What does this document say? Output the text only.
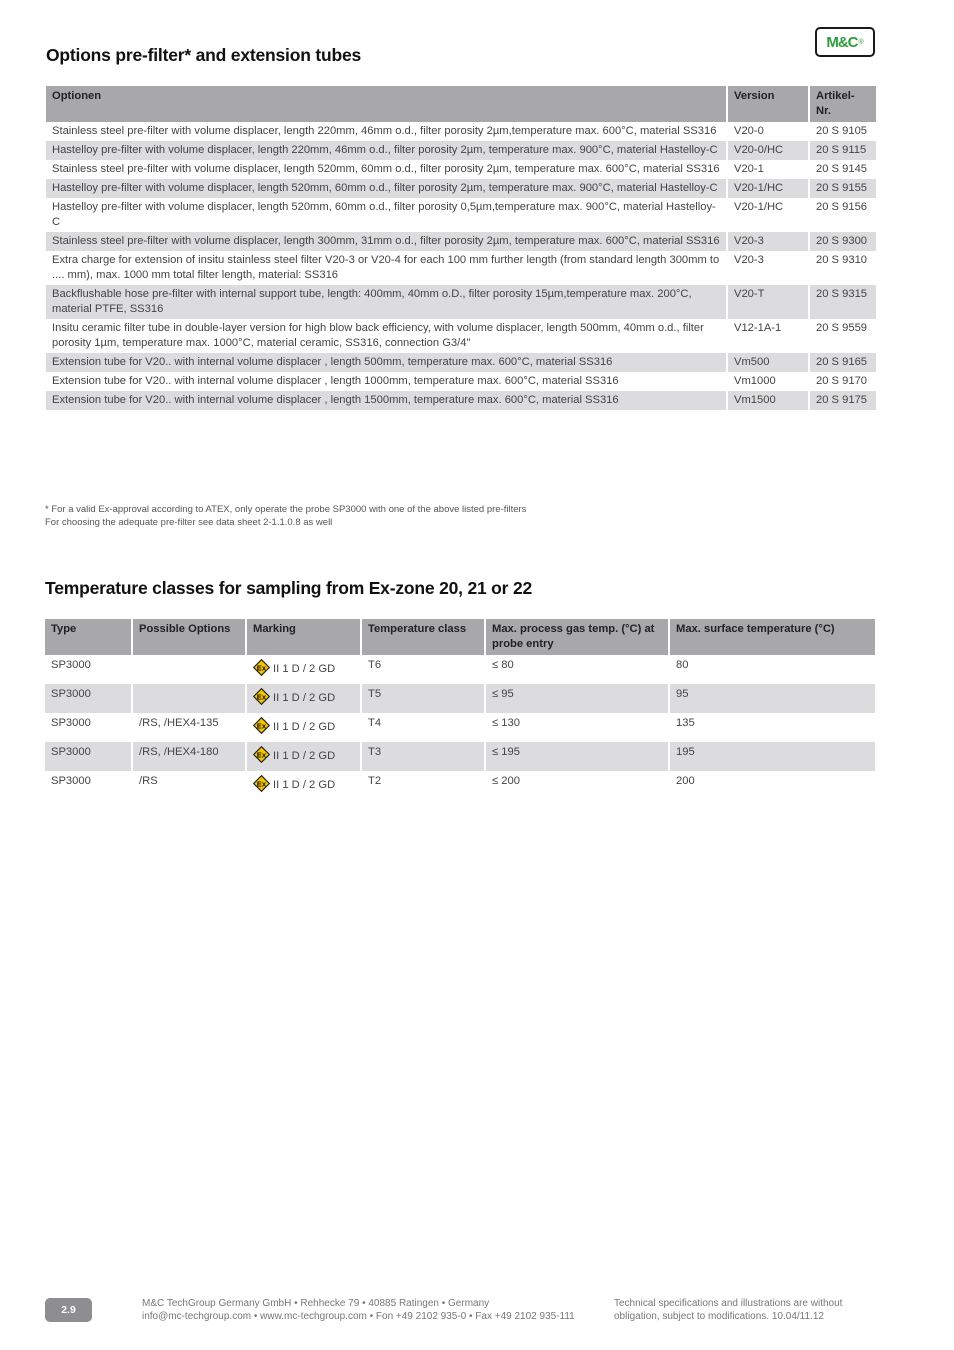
Options pre-filter* and extension tubes
M&C ®
Optionen	Version	Artikel-
Nr.
Stainless steel pre-filter with volume displacer, length 220mm, 46mm o.d., filter porosity 2µm,temperature max. 600°C, material SS316	V20-0	20 S 9105
Hastelloy pre-filter with volume displacer, length 220mm, 46mm o.d., filter porosity 2µm, temperature max. 900°C, material Hastelloy-C	V20-0/HC	20 S 9115
Stainless steel pre-filter with volume displacer, length 520mm, 60mm o.d., filter porosity 2µm, temperature max. 600°C, material SS316	V20-1	20 S 9145
Hastelloy pre-filter with volume displacer, length 520mm, 60mm o.d., filter porosity 2µm, temperature max. 900°C, material Hastelloy-C	V20-1/HC	20 S 9155
Hastelloy pre-filter with volume displacer, length 520mm, 60mm o.d., filter porosity 0,5µm,temperature max. 900°C, material Hastelloy-C	V20-1/HC	20 S 9156
Stainless steel pre-filter with volume displacer, length 300mm, 31mm o.d., filter porosity 2µm, temperature max. 600°C, material SS316	V20-3	20 S 9300
Extra charge for extension of insitu stainless steel filter V20-3 or V20-4 for each 100 mm further length (from standard length 300mm to .... mm), max. 1000 mm total filter length, material: SS316	V20-3	20 S 9310
Backflushable hose pre-filter with internal support tube, length: 400mm, 40mm o.D., filter porosity 15µm,temperature max. 200°C, material PTFE, SS316	V20-T	20 S 9315
Insitu ceramic filter tube in double-layer version for high blow back efficiency, with volume displacer, length 500mm, 40mm o.d., filter porosity 1µm, temperature max. 1000°C, material ceramic, SS316, connection G3/4"	V12-1A-1	20 S 9559
Extension tube for V20.. with internal volume displacer , length 500mm, temperature max. 600°C, material SS316	Vm500	20 S 9165
Extension tube for V20.. with internal volume displacer , length 1000mm, temperature max. 600°C, material SS316	Vm1000	20 S 9170
Extension tube for V20.. with internal volume displacer , length 1500mm, temperature max. 600°C, material SS316	Vm1500	20 S 9175
* For a valid Ex-approval according to ATEX, only operate the probe SP3000 with one of the above listed pre-filters
For choosing the adequate pre-filter see data sheet 2-1.1.0.8 as well
Temperature classes for sampling from Ex-zone 20, 21 or 22
Type	Possible Options	Marking	Temperature class	Max. process gas temp. (°C) at probe entry	Max. surface temperature (°C)
SP3000		Ex II 1 D / 2 GD	T6	≤ 80	80
SP3000		Ex II 1 D / 2 GD	T5	≤ 95	95
SP3000	/RS, /HEX4-135	Ex II 1 D / 2 GD	T4	≤ 130	135
SP3000	/RS, /HEX4-180	Ex II 1 D / 2 GD	T3	≤ 195	195
SP3000	/RS	Ex II 1 D / 2 GD	T2	≤ 200	200
2.9
M&C TechGroup Germany GmbH • Rehhecke 79 • 40885 Ratingen • Germany
info@mc-techgroup.com • www.mc-techgroup.com • Fon +49 2102 935-0 • Fax +49 2102 935-111
Technical specifications and illustrations are without
obligation, subject to modifications. 10.04/11.12
